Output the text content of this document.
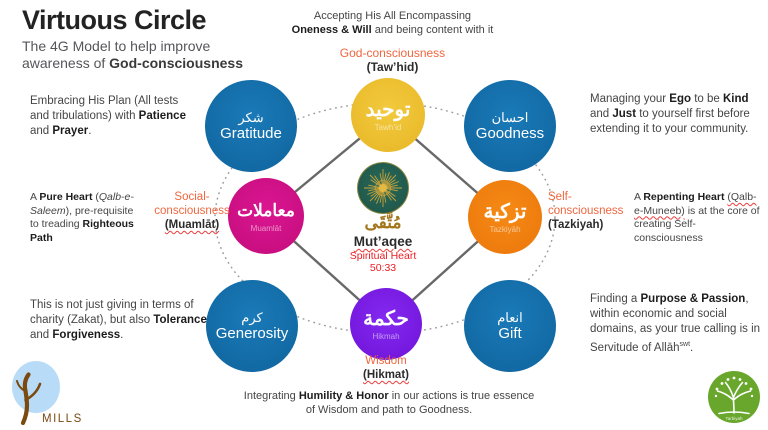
Virtuous Circle
The 4G Model to help improve
awareness of God-consciousness
Accepting His All Encompassing
Oneness & Will and being content with it
God-consciousness
(Taw’hid)
Embracing His Plan (All tests and tribulations) with Patience and Prayer.
Managing your Ego to be Kind and Just to yourself first before extending it to your community.
A Pure Heart (Qalb-e-Saleem), pre-requisite to treading Righteous Path
Social-
consciousness
(Muamlāt)
Self-
consciousness
(Tazkiyah)
A Repenting Heart (Qalb-e-Muneeb) is at the core of creating Self-consciousness
This is not just giving in terms of charity (Zakat), but also Tolerance and Forgiveness.
Finding a Purpose & Passion, within economic and social domains, as your true calling is in Servitude of Allāh$^{swt}$.
Integrating Humility & Honor in our actions is true essence of Wisdom and path to Goodness.
Wisdom
(Hikmat)
شكر
Gratitude
احسان
Goodness
كرم
Generosity
انعام
Gift
توحيد
Tawh’id
معاملات
Muamlāt
تزكية
Tazkiyāh
حكمة
Hikmah
مُتَّقَى
Mut’aqee
Spiritual Heart
50:33
MILLS	Tarbiyah
